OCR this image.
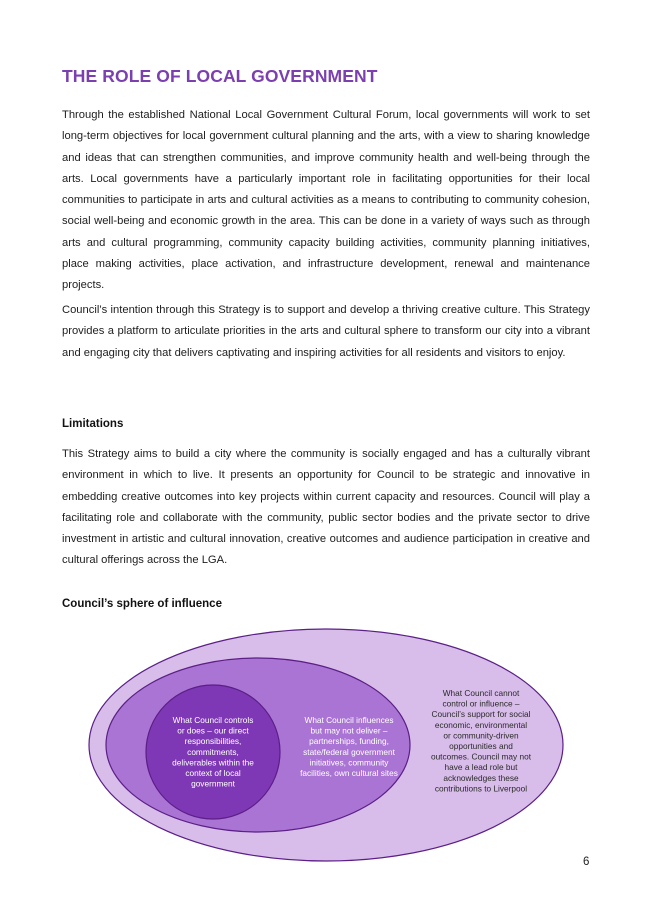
THE ROLE OF LOCAL GOVERNMENT

Through the established National Local Government Cultural Forum, local governments will work to set long-term objectives for local government cultural planning and the arts, with a view to sharing knowledge and ideas that can strengthen communities, and improve community health and well-being through the arts. Local governments have a particularly important role in facilitating opportunities for their local communities to participate in arts and cultural activities as a means to contributing to community cohesion, social well-being and economic growth in the area. This can be done in a variety of ways such as through arts and cultural programming, community capacity building activities, community planning initiatives, place making activities, place activation, and infrastructure development, renewal and maintenance projects.

Council’s intention through this Strategy is to support and develop a thriving creative culture. This Strategy provides a platform to articulate priorities in the arts and cultural sphere to transform our city into a vibrant and engaging city that delivers captivating and inspiring activities for all residents and visitors to enjoy.

Limitations

This Strategy aims to build a city where the community is socially engaged and has a culturally vibrant environment in which to live. It presents an opportunity for Council to be strategic and innovative in embedding creative outcomes into key projects within current capacity and resources. Council will play a facilitating role and collaborate with the community, public sector bodies and the private sector to drive investment in artistic and cultural innovation, creative outcomes and audience participation in creative and cultural offerings across the LGA.

Council’s sphere of influence
What Council controls or does – our direct responsibilities, commitments, deliverables within the context of local government
What Council influences but may not deliver – partnerships, funding, state/federal government initiatives, community facilities, own cultural sites
What Council cannot control or influence – Council’s support for social economic, environmental or community-driven opportunities and outcomes. Council may not have a lead role but acknowledges these contributions to Liverpool
6
